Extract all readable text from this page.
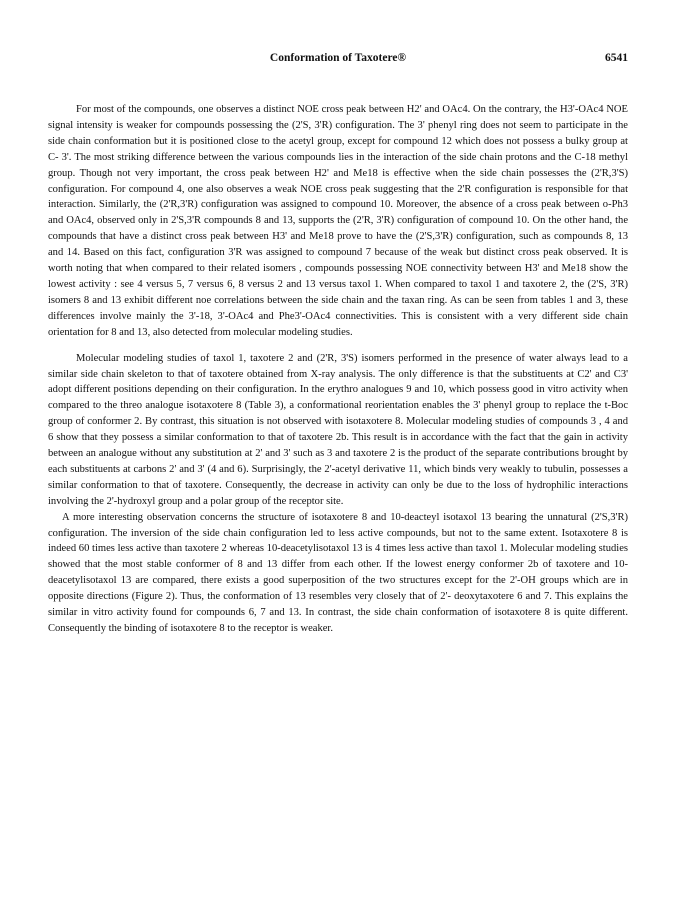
Conformation of Taxotere®	6541

For most of the compounds, one observes a distinct NOE cross peak between H2' and OAc4. On the contrary, the H3'-OAc4 NOE signal intensity is weaker for compounds possessing the (2'S, 3'R) configuration. The 3' phenyl ring does not seem to participate in the side chain conformation but it is positioned close to the acetyl group, except for compound 12 which does not possess a bulky group at C- 3'. The most striking difference between the various compounds lies in the interaction of the side chain protons and the C-18 methyl group. Though not very important, the cross peak between H2' and Me18 is effective when the side chain possesses the (2'R,3'S) configuration. For compound 4, one also observes a weak NOE cross peak suggesting that the 2'R configuration is responsible for that interaction. Similarly, the (2'R,3'R) configuration was assigned to compound 10. Moreover, the absence of a cross peak between o-Ph3 and OAc4, observed only in 2'S,3'R compounds 8 and 13, supports the (2'R, 3'R) configuration of compound 10. On the other hand, the compounds that have a distinct cross peak between H3' and Me18 prove to have the (2'S,3'R) configuration, such as compounds 8, 13 and 14. Based on this fact, configuration 3'R was assigned to compound 7 because of the weak but distinct cross peak observed. It is worth noting that when compared to their related isomers , compounds possessing NOE connectivity between H3' and Me18 show the lowest activity : see 4 versus 5, 7 versus 6, 8 versus 2 and 13 versus taxol 1. When compared to taxol 1 and taxotere 2, the (2'S, 3'R) isomers 8 and 13 exhibit different noe correlations between the side chain and the taxan ring. As can be seen from tables 1 and 3, these differences involve mainly the 3'-18, 3'-OAc4 and Phe3'-OAc4 connectivities. This is consistent with a very different side chain orientation for 8 and 13, also detected from molecular modeling studies.

Molecular modeling studies of taxol 1, taxotere 2 and (2'R, 3'S) isomers performed in the presence of water always lead to a similar side chain skeleton to that of taxotere obtained from X-ray analysis. The only difference is that the substituents at C2' and C3' adopt different positions depending on their configuration. In the erythro analogues 9 and 10, which possess good in vitro activity when compared to the threo analogue isotaxotere 8 (Table 3), a conformational reorientation enables the 3' phenyl group to replace the t-Boc group of conformer 2. By contrast, this situation is not observed with isotaxotere 8. Molecular modeling studies of compounds 3 , 4 and 6 show that they possess a similar conformation to that of taxotere 2b. This result is in accordance with the fact that the gain in activity between an analogue without any substitution at 2' and 3' such as 3 and taxotere 2 is the product of the separate contributions brought by each substituents at carbons 2' and 3' (4 and 6). Surprisingly, the 2'-acetyl derivative 11, which binds very weakly to tubulin, possesses a similar conformation to that of taxotere. Consequently, the decrease in activity can only be due to the loss of hydrophilic interactions involving the 2'-hydroxyl group and a polar group of the receptor site.

A more interesting observation concerns the structure of isotaxotere 8 and 10-deacteyl isotaxol 13 bearing the unnatural (2'S,3'R) configuration. The inversion of the side chain configuration led to less active compounds, but not to the same extent. Isotaxotere 8 is indeed 60 times less active than taxotere 2 whereas 10-deacetylisotaxol 13 is 4 times less active than taxol 1. Molecular modeling studies showed that the most stable conformer of 8 and 13 differ from each other. If the lowest energy conformer 2b of taxotere and 10-deacetylisotaxol 13 are compared, there exists a good superposition of the two structures except for the 2'-OH groups which are in opposite directions (Figure 2). Thus, the conformation of 13 resembles very closely that of 2'- deoxytaxotere 6 and 7. This explains the similar in vitro activity found for compounds 6, 7 and 13. In contrast, the side chain conformation of isotaxotere 8 is quite different. Consequently the binding of isotaxotere 8 to the receptor is weaker.
